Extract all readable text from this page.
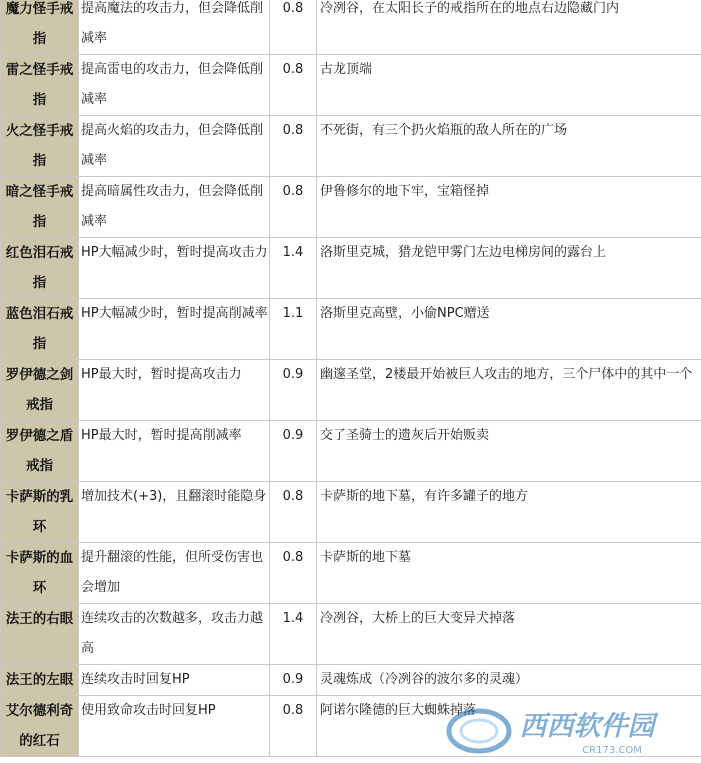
魔力怪手戒指	提高魔法的攻击力，但会降低削减率	0.8	冷冽谷，在太阳长子的戒指所在的地点右边隐藏门内
雷之怪手戒指	提高雷电的攻击力，但会降低削减率	0.8	古龙顶端
火之怪手戒指	提高火焰的攻击力，但会降低削减率	0.8	不死街，有三个扔火焰瓶的敌人所在的广场
暗之怪手戒指	提高暗属性攻击力，但会降低削减率	0.8	伊鲁修尔的地下牢，宝箱怪掉
红色泪石戒指	HP大幅减少时，暂时提高攻击力	1.4	洛斯里克城，猎龙铠甲雾门左边电梯房间的露台上
蓝色泪石戒指	HP大幅减少时，暂时提高削减率	1.1	洛斯里克高壁，小偷NPC赠送
罗伊德之剑戒指	HP最大时，暂时提高攻击力	0.9	幽邃圣堂，2楼最开始被巨人攻击的地方，三个尸体中的其中一个
罗伊德之盾戒指	HP最大时，暂时提高削减率	0.9	交了圣骑士的遗灰后开始贩卖
卡萨斯的乳环	增加技术(+3)，且翻滚时能隐身	0.8	卡萨斯的地下墓，有许多罐子的地方
卡萨斯的血环	提升翻滚的性能，但所受伤害也会增加	0.8	卡萨斯的地下墓
法王的右眼	连续攻击的次数越多，攻击力越高	1.4	冷冽谷，大桥上的巨大变异犬掉落
法王的左眼	连续攻击时回复HP	0.9	灵魂炼成（冷冽谷的波尔多的灵魂）
艾尔德利奇的红石	使用致命攻击时回复HP	0.8	阿诺尔隆德的巨大蜘蛛掉落
西西软件园
CR173.COM
